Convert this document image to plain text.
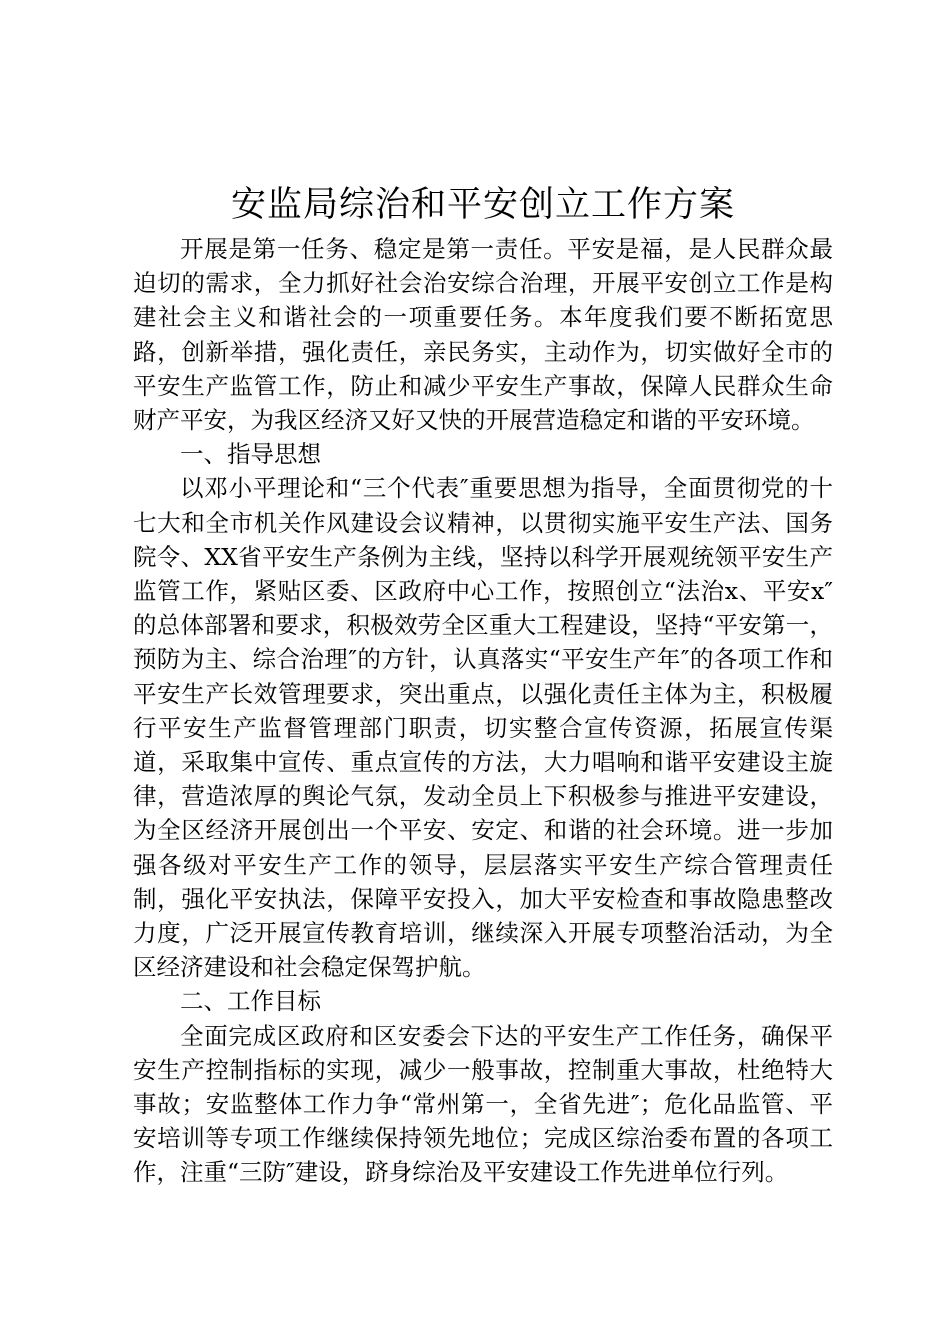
安监局综治和平安创立工作方案

开展是第一任务、稳定是第一责任。平安是福，是人民群众最迫切的需求，全力抓好社会治安综合治理，开展平安创立工作是构建社会主义和谐社会的一项重要任务。本年度我们要不断拓宽思路，创新举措，强化责任，亲民务实，主动作为，切实做好全市的平安生产监管工作，防止和减少平安生产事故，保障人民群众生命财产平安，为我区经济又好又快的开展营造稳定和谐的平安环境。

一、指导思想

以邓小平理论和“三个代表″重要思想为指导，全面贯彻党的十七大和全市机关作风建设会议精神，以贯彻实施平安生产法、国务院令、XX省平安生产条例为主线，坚持以科学开展观统领平安生产监管工作，紧贴区委、区政府中心工作，按照创立“法治x、平安x″的总体部署和要求，积极效劳全区重大工程建设，坚持“平安第一，预防为主、综合治理″的方针，认真落实“平安生产年″的各项工作和平安生产长效管理要求，突出重点，以强化责任主体为主，积极履行平安生产监督管理部门职责，切实整合宣传资源，拓展宣传渠道，采取集中宣传、重点宣传的方法，大力唱响和谐平安建设主旋律，营造浓厚的舆论气氛，发动全员上下积极参与推进平安建设，为全区经济开展创出一个平安、安定、和谐的社会环境。进一步加强各级对平安生产工作的领导，层层落实平安生产综合管理责任制，强化平安执法，保障平安投入，加大平安检查和事故隐患整改力度，广泛开展宣传教育培训，继续深入开展专项整治活动，为全区经济建设和社会稳定保驾护航。

二、工作目标

全面完成区政府和区安委会下达的平安生产工作任务，确保平安生产控制指标的实现，减少一般事故，控制重大事故，杜绝特大事故；安监整体工作力争“常州第一，全省先进″；危化品监管、平安培训等专项工作继续保持领先地位；完成区综治委布置的各项工作，注重“三防″建设，跻身综治及平安建设工作先进单位行列。
